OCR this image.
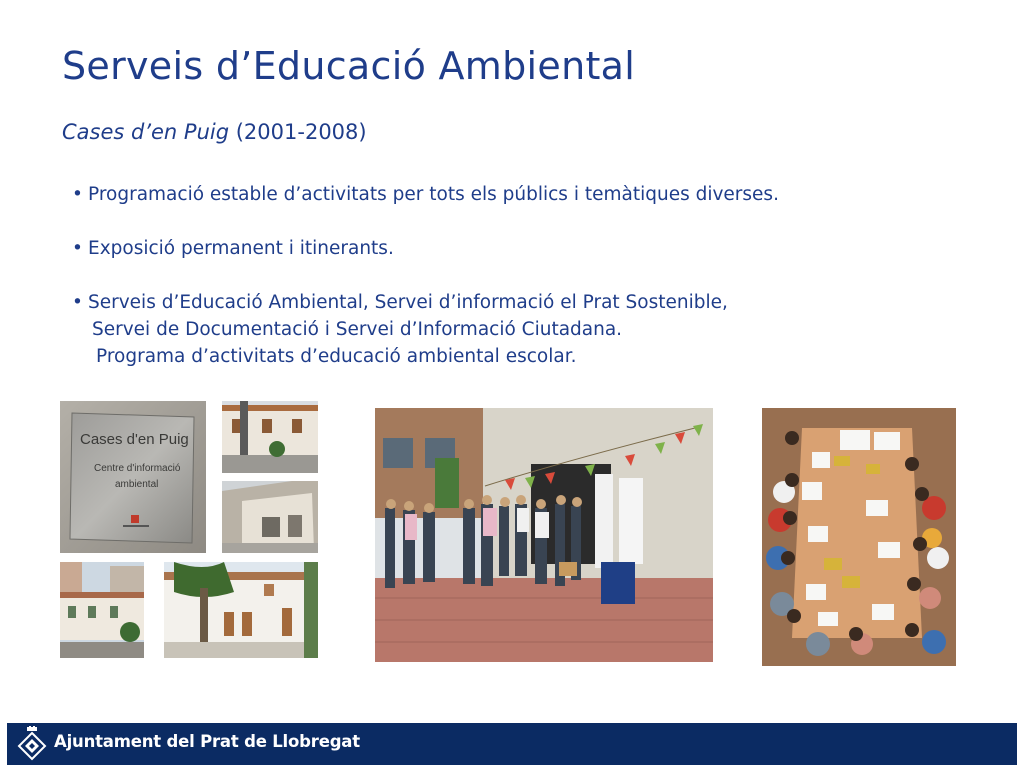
Serveis d’Educació Ambiental
Cases d’en Puig (2001-2008)
• Programació estable d’activitats per tots els públics i temàtiques diverses.
• Exposició permanent i itinerants.
• Serveis d’Educació Ambiental, Servei d’informació el Prat Sostenible,
Servei de Documentació i Servei d’Informació Ciutadana.
Programa d’activitats d’educació ambiental escolar.
Cases d'en Puig
Centre d'informació
ambiental
Ajuntament del Prat de Llobregat
